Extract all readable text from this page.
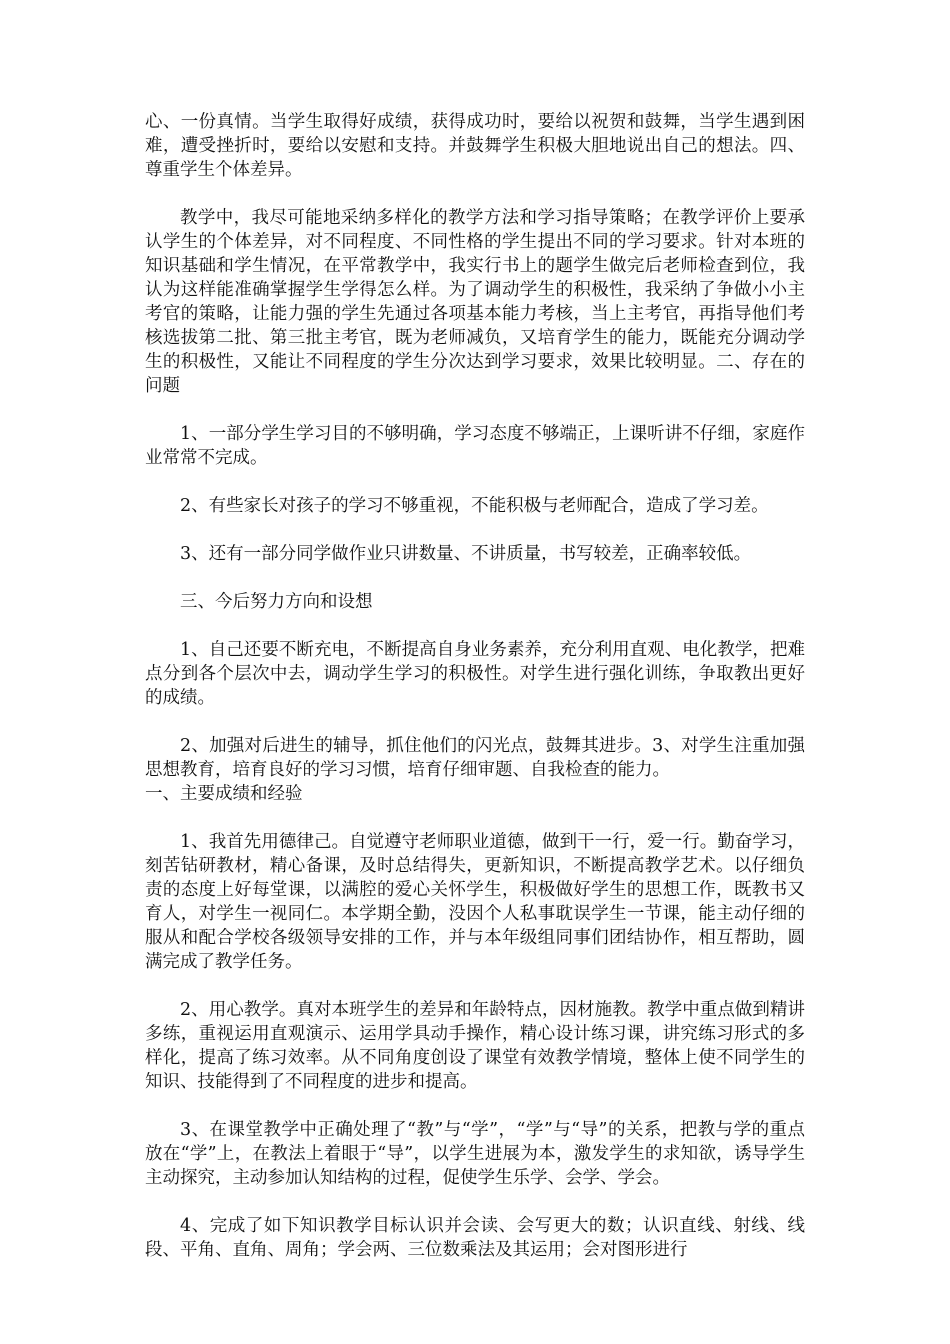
心、一份真情。当学生取得好成绩，获得成功时，要给以祝贺和鼓舞，当学生遇到困难，遭受挫折时，要给以安慰和支持。并鼓舞学生积极大胆地说出自己的想法。四、尊重学生个体差异。

教学中，我尽可能地采纳多样化的教学方法和学习指导策略；在教学评价上要承认学生的个体差异，对不同程度、不同性格的学生提出不同的学习要求。针对本班的知识基础和学生情况，在平常教学中，我实行书上的题学生做完后老师检查到位，我认为这样能准确掌握学生学得怎么样。为了调动学生的积极性，我采纳了争做小小主考官的策略，让能力强的学生先通过各项基本能力考核，当上主考官，再指导他们考核选拔第二批、第三批主考官，既为老师减负，又培育学生的能力，既能充分调动学生的积极性，又能让不同程度的学生分次达到学习要求，效果比较明显。二、存在的问题

1、一部分学生学习目的不够明确，学习态度不够端正，上课听讲不仔细，家庭作业常常不完成。

2、有些家长对孩子的学习不够重视，不能积极与老师配合，造成了学习差。

3、还有一部分同学做作业只讲数量、不讲质量，书写较差，正确率较低。

三、今后努力方向和设想

1、自己还要不断充电，不断提高自身业务素养，充分利用直观、电化教学，把难点分到各个层次中去，调动学生学习的积极性。对学生进行强化训练，争取教出更好的成绩。

2、加强对后进生的辅导，抓住他们的闪光点，鼓舞其进步。3、对学生注重加强思想教育，培育良好的学习习惯，培育仔细审题、自我检查的能力。

一、主要成绩和经验

1、我首先用德律己。自觉遵守老师职业道德，做到干一行，爱一行。勤奋学习，刻苦钻研教材，精心备课，及时总结得失，更新知识，不断提高教学艺术。以仔细负责的态度上好每堂课，以满腔的爱心关怀学生，积极做好学生的思想工作，既教书又育人，对学生一视同仁。本学期全勤，没因个人私事耽误学生一节课，能主动仔细的服从和配合学校各级领导安排的工作，并与本年级组同事们团结协作，相互帮助，圆满完成了教学任务。

2、用心教学。真对本班学生的差异和年龄特点，因材施教。教学中重点做到精讲多练，重视运用直观演示、运用学具动手操作，精心设计练习课，讲究练习形式的多样化，提高了练习效率。从不同角度创设了课堂有效教学情境，整体上使不同学生的知识、技能得到了不同程度的进步和提高。

3、在课堂教学中正确处理了“教”与“学”，“学”与“导”的关系，把教与学的重点放在“学”上，在教法上着眼于“导”，以学生进展为本，激发学生的求知欲，诱导学生主动探究，主动参加认知结构的过程，促使学生乐学、会学、学会。

4、完成了如下知识教学目标认识并会读、会写更大的数；认识直线、射线、线段、平角、直角、周角；学会两、三位数乘法及其运用；会对图形进行
